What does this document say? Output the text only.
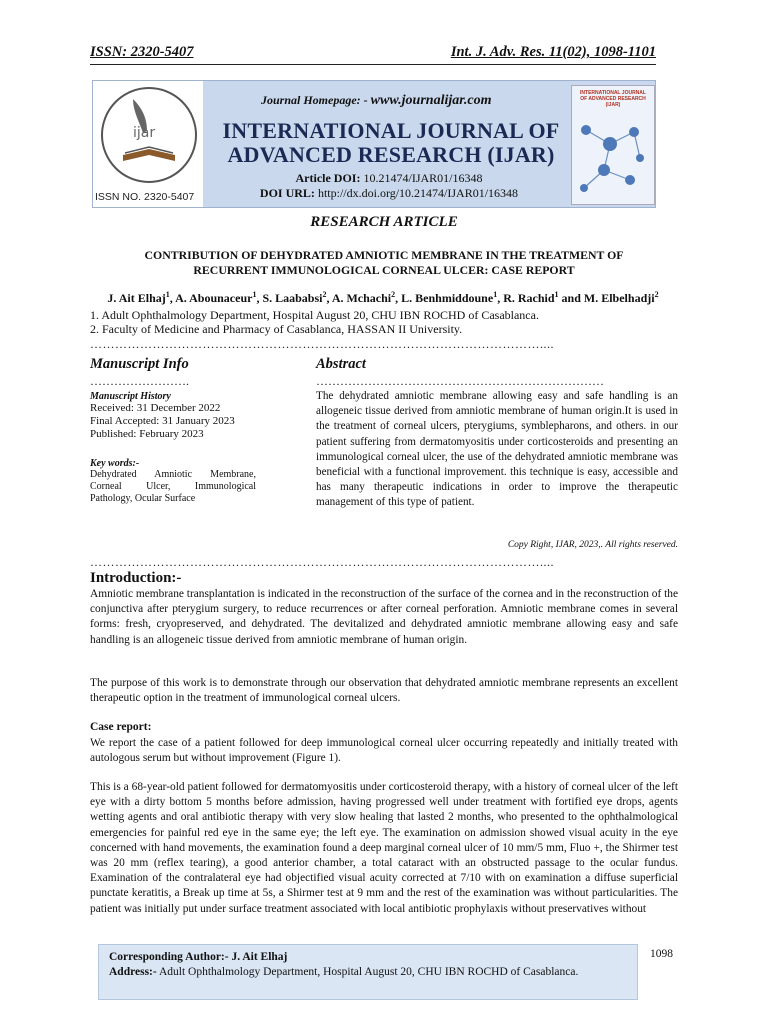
ISSN: 2320-5407	Int. J. Adv. Res. 11(02), 1098-1101
ijar
ISSN NO. 2320-5407
Journal Homepage: - www.journalijar.com
INTERNATIONAL JOURNAL OF
ADVANCED RESEARCH (IJAR)
Article DOI: 10.21474/IJAR01/16348
DOI URL: http://dx.doi.org/10.21474/IJAR01/16348
INTERNATIONAL JOURNAL OF ADVANCED RESEARCH (IJAR)
RESEARCH ARTICLE
CONTRIBUTION OF DEHYDRATED AMNIOTIC MEMBRANE IN THE TREATMENT OF
RECURRENT IMMUNOLOGICAL CORNEAL ULCER: CASE REPORT
J. Ait Elhaj$^1$, A. Abounaceur$^1$, S. Laababsi$^2$, A. Mchachi$^2$, L. Benhmiddoune$^1$, R. Rachid$^1$ and M. Elbelhadji$^2$
1. Adult Ophthalmology Department, Hospital August 20, CHU IBN ROCHD of Casablanca.
2. Faculty of Medicine and Pharmacy of Casablanca, HASSAN II University.
………………………………………………………………………………………………....
Manuscript Info
…………………….
Manuscript History
Received: 31 December 2022
Final Accepted: 31 January 2023
Published: February 2023
Key words:-
Dehydrated Amniotic Membrane, Corneal Ulcer, Immunological Pathology, Ocular Surface
Abstract
………………………………………………………………
The dehydrated amniotic membrane allowing easy and safe handling is an allogeneic tissue derived from amniotic membrane of human origin.It is used in the treatment of corneal ulcers, pterygiums, symblepharons, and others. in our patient suffering from dermatomyositis under corticosteroids and presenting an immunological corneal ulcer, the use of the dehydrated amniotic membrane was beneficial with a functional improvement. this technique is easy, accessible and has many therapeutic indications in order to improve the therapeutic management of this type of patient.
Copy Right, IJAR, 2023,. All rights reserved.
………………………………………………………………………………………………....
Introduction:-
Amniotic membrane transplantation is indicated in the reconstruction of the surface of the cornea and in the reconstruction of the conjunctiva after pterygium surgery, to reduce recurrences or after corneal perforation. Amniotic membrane comes in several forms: fresh, cryopreserved, and dehydrated. The devitalized and dehydrated amniotic membrane allowing easy and safe handling is an allogeneic tissue derived from amniotic membrane of human origin.
The purpose of this work is to demonstrate through our observation that dehydrated amniotic membrane represents an excellent therapeutic option in the treatment of immunological corneal ulcers.
Case report:
We report the case of a patient followed for deep immunological corneal ulcer occurring repeatedly and initially treated with autologous serum but without improvement (Figure 1).
This is a 68-year-old patient followed for dermatomyositis under corticosteroid therapy, with a history of corneal ulcer of the left eye with a dirty bottom 5 months before admission, having progressed well under treatment with fortified eye drops, agents wetting agents and oral antibiotic therapy with very slow healing that lasted 2 months, who presented to the ophthalmological emergencies for painful red eye in the same eye; the left eye. The examination on admission showed visual acuity in the eye concerned with hand movements, the examination found a deep marginal corneal ulcer of 10 mm/5 mm, Fluo +, the Shirmer test was 20 mm (reflex tearing), a good anterior chamber, a total cataract with an obstructed passage to the ocular fundus. Examination of the contralateral eye had objectified visual acuity corrected at 7/10 with on examination a diffuse superficial punctate keratitis, a Break up time at 5s, a Shirmer test at 9 mm and the rest of the examination was without particularities. The patient was initially put under surface treatment associated with local antibiotic prophylaxis without preservatives without
Corresponding Author:- J. Ait Elhaj
Address:- Adult Ophthalmology Department, Hospital August 20, CHU IBN ROCHD of Casablanca.
1098
